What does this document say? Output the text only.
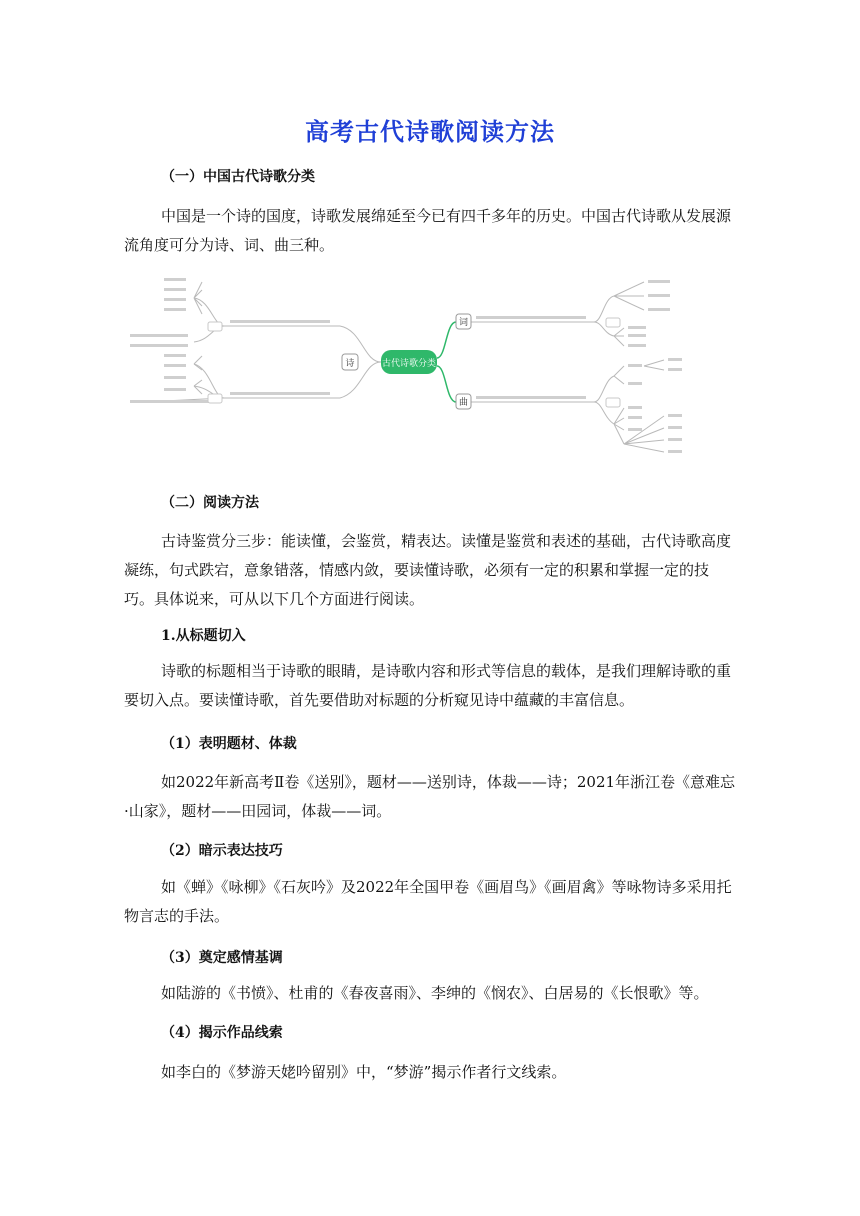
高考古代诗歌阅读方法
（一）中国古代诗歌分类

中国是一个诗的国度，诗歌发展绵延至今已有四千多年的历史。中国古代诗歌从发展源流角度可分为诗、词、曲三种。

古代诗歌分类
诗
词
曲
（二）阅读方法

古诗鉴赏分三步：能读懂，会鉴赏，精表达。读懂是鉴赏和表述的基础，古代诗歌高度凝练，句式跌宕，意象错落，情感内敛，要读懂诗歌，必须有一定的积累和掌握一定的技巧。具体说来，可从以下几个方面进行阅读。

1.从标题切入

诗歌的标题相当于诗歌的眼睛，是诗歌内容和形式等信息的载体，是我们理解诗歌的重要切入点。要读懂诗歌，首先要借助对标题的分析窥见诗中蕴藏的丰富信息。

（1）表明题材、体裁

如2022年新高考Ⅱ卷《送别》，题材——送别诗，体裁——诗；2021年浙江卷《意难忘·山家》，题材——田园词，体裁——词。

（2）暗示表达技巧

如《蝉》《咏柳》《石灰吟》及2022年全国甲卷《画眉鸟》《画眉禽》等咏物诗多采用托物言志的手法。

（3）奠定感情基调

如陆游的《书愤》、杜甫的《春夜喜雨》、李绅的《悯农》、白居易的《长恨歌》等。

（4）揭示作品线索

如李白的《梦游天姥吟留别》中，“梦游”揭示作者行文线索。
